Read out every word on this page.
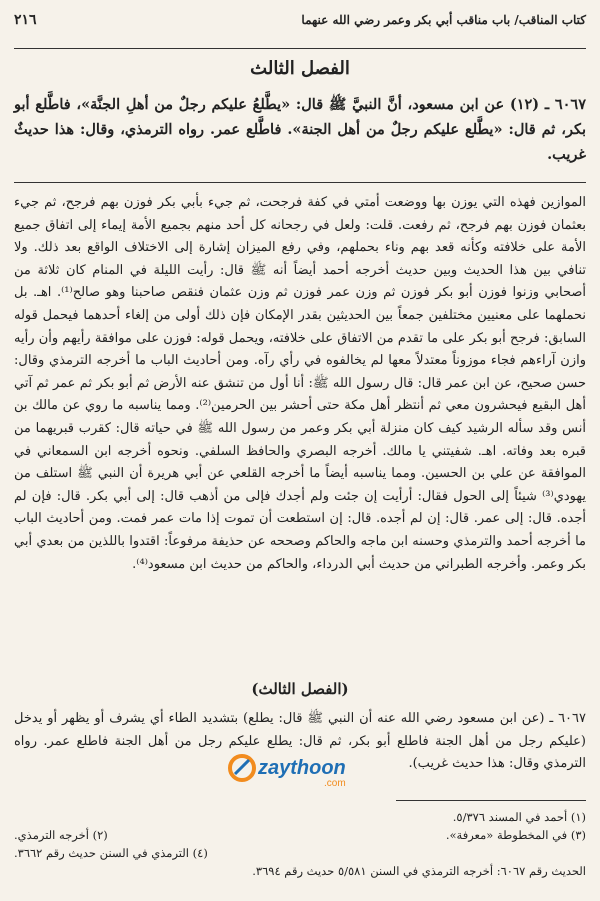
كتاب المناقب/ باب مناقب أبي بكر وعمر رضي الله عنهما
٢١٦
الفصل الثالث
٦٠٦٧ ـ (١٢) عن ابن مسعود، أنَّ النبيَّ ﷺ قال: «يطَّلعُ عليكم رجلٌ من أهلِ الجنَّة»، فاطَّلع أبو بكر، ثم قال: «يطَّلع عليكم رجلٌ من أهل الجنة». فاطَّلع عمر. رواه الترمذي، وقال: هذا حديثٌ غريب.
الموازين فهذه التي يوزن بها ووضعت أمتي في كفة فرجحت، ثم جيء بأبي بكر فوزن بهم فرجح، ثم جيء بعثمان فوزن بهم فرجح، ثم رفعت. قلت: ولعل في رجحانه كل أحد منهم بجميع الأمة إيماء إلى اتفاق جميع الأمة على خلافته وكأنه قعد بهم وناء بحملهم، وفي رفع الميزان إشارة إلى الاختلاف الواقع بعد ذلك. ولا تنافي بين هذا الحديث وبين حديث أخرجه أحمد أيضاً أنه ﷺ قال: رأيت الليلة في المنام كان ثلاثة من أصحابي وزنوا فوزن أبو بكر فوزن ثم وزن عمر فوزن ثم وزن عثمان فنقص صاحبنا وهو صالح⁽¹⁾. اهـ. بل نحملهما على معنيين مختلفين جمعاً بين الحديثين بقدر الإمكان فإن ذلك أولى من إلغاء أحدهما فيحمل قوله السابق: فرجح أبو بكر على ما تقدم من الاتفاق على خلافته، ويحمل قوله: فوزن على موافقة رأيهم وأن رأيه وازن آراءهم فجاء موزوناً معتدلاً معها لم يخالفوه في رأي رآه. ومن أحاديث الباب ما أخرجه الترمذي وقال: حسن صحيح، عن ابن عمر قال: قال رسول الله ﷺ: أنا أول من تنشق عنه الأرض ثم أبو بكر ثم عمر ثم آتي أهل البقيع فيحشرون معي ثم أنتظر أهل مكة حتى أحشر بين الحرمين⁽²⁾. ومما يناسبه ما روي عن مالك بن أنس وقد سأله الرشيد كيف كان منزلة أبي بكر وعمر من رسول الله ﷺ في حياته قال: كقرب قبريهما من قبره بعد وفاته. اهـ. شفيتني يا مالك. أخرجه البصري والحافظ السلفي. ونحوه أخرجه ابن السمعاني في الموافقة عن علي بن الحسين. ومما يناسبه أيضاً ما أخرجه القلعي عن أبي هريرة أن النبي ﷺ استلف من يهودي⁽³⁾ شيئاً إلى الحول فقال: أرأيت إن جئت ولم أجدك فإلى من أذهب قال: إلى أبي بكر. قال: فإن لم أجده. قال: إلى عمر. قال: إن لم أجده. قال: إن استطعت أن تموت إذا مات عمر فمت. ومن أحاديث الباب ما أخرجه أحمد والترمذي وحسنه ابن ماجه والحاكم وصححه عن حذيفة مرفوعاً: اقتدوا باللذين من بعدي أبي بكر وعمر. وأخرجه الطبراني من حديث أبي الدرداء، والحاكم من حديث ابن مسعود⁽⁴⁾.
(الفصل الثالث)
٦٠٦٧ ـ (عن ابن مسعود رضي الله عنه أن النبي ﷺ قال: يطلع) بتشديد الطاء أي يشرف أو يظهر أو يدخل (عليكم رجل من أهل الجنة فاطلع أبو بكر، ثم قال: يطلع عليكم رجل من أهل الجنة فاطلع عمر. رواه الترمذي وقال: هذا حديث غريب).
zaythoon
.com
(١) أحمد في المسند ٥/٣٧٦.
(٣) في المخطوطة «معرفة».
(٢) أخرجه الترمذي.
(٤) الترمذي في السنن حديث رقم ٣٦٦٢.
الحديث رقم ٦٠٦٧: أخرجه الترمذي في السنن ٥/٥٨١ حديث رقم ٣٦٩٤.
